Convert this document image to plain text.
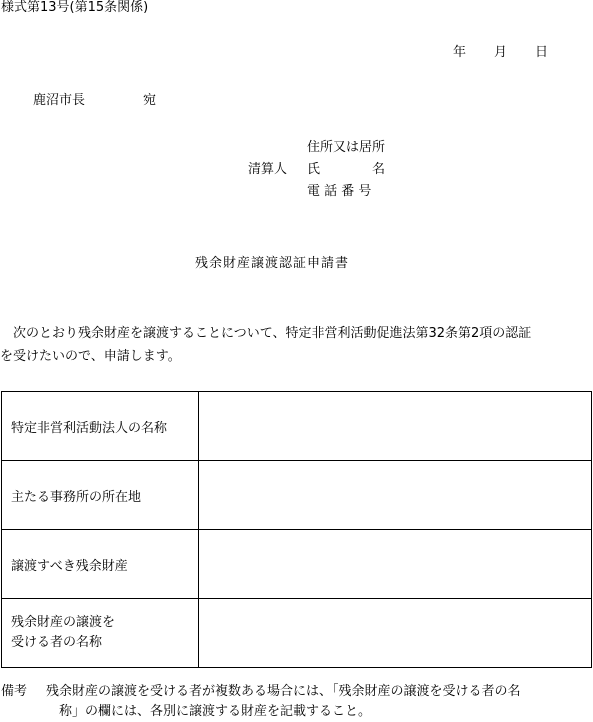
様式第13号(第15条関係)
年 月 日
鹿沼市長	宛
住所又は居所
清算人	氏　　　　名
電 話 番 号
残余財産譲渡認証申請書
次のとおり残余財産を譲渡することについて、特定非営利活動促進法第32条第2項の認証
を受けたいので、申請します。
特定非営利活動法人の名称	
主たる事務所の所在地	
譲渡すべき残余財産	

残余財産の譲渡を
受ける者の名称	

備考 残余財産の譲渡を受ける者が複数ある場合には、「残余財産の譲渡を受ける者の名
称」の欄には、各別に譲渡する財産を記載すること。
